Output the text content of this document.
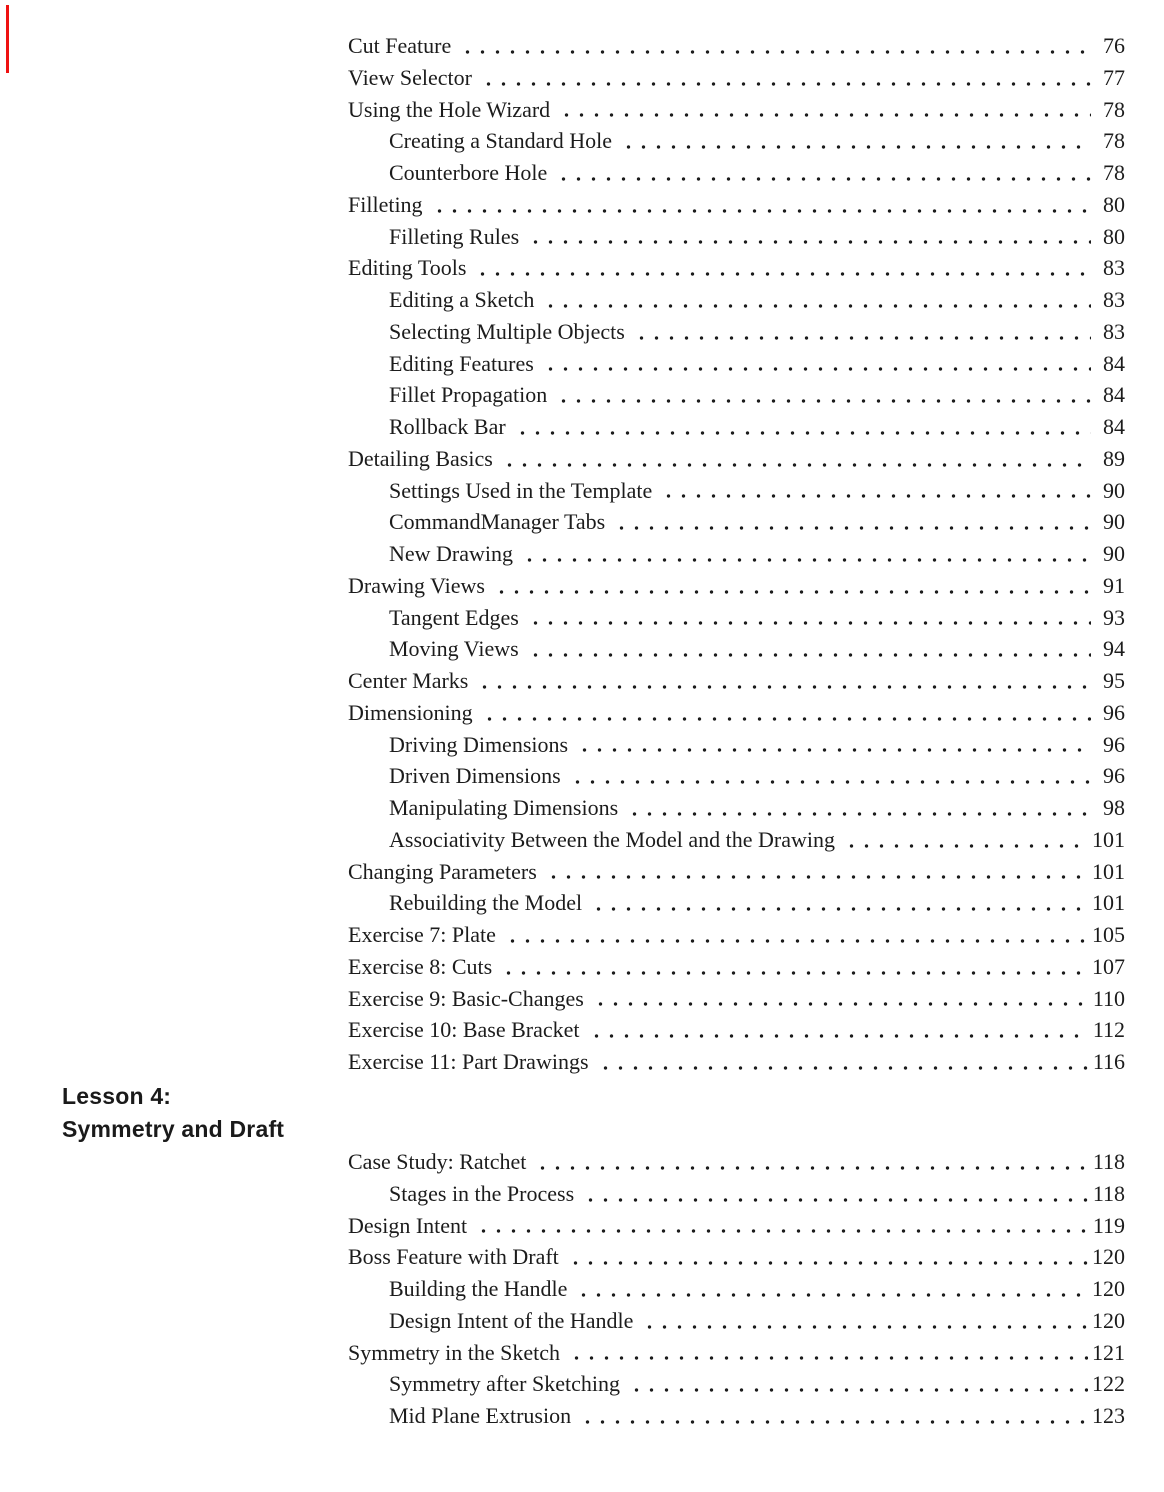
Cut Feature	76
View Selector	77
Using the Hole Wizard	78
Creating a Standard Hole	78
Counterbore Hole	78
Filleting	80
Filleting Rules	80
Editing Tools	83
Editing a Sketch	83
Selecting Multiple Objects	83
Editing Features	84
Fillet Propagation	84
Rollback Bar	84
Detailing Basics	89
Settings Used in the Template	90
CommandManager Tabs	90
New Drawing	90
Drawing Views	91
Tangent Edges	93
Moving Views	94
Center Marks	95
Dimensioning	96
Driving Dimensions	96
Driven Dimensions	96
Manipulating Dimensions	98
Associativity Between the Model and the Drawing	101
Changing Parameters	101
Rebuilding the Model	101
Exercise 7: Plate	105
Exercise 8: Cuts	107
Exercise 9: Basic-Changes	110
Exercise 10: Base Bracket	112
Exercise 11: Part Drawings	116
Lesson 4:
Symmetry and Draft
Case Study: Ratchet	118
Stages in the Process	118
Design Intent	119
Boss Feature with Draft	120
Building the Handle	120
Design Intent of the Handle	120
Symmetry in the Sketch	121
Symmetry after Sketching	122
Mid Plane Extrusion	123
